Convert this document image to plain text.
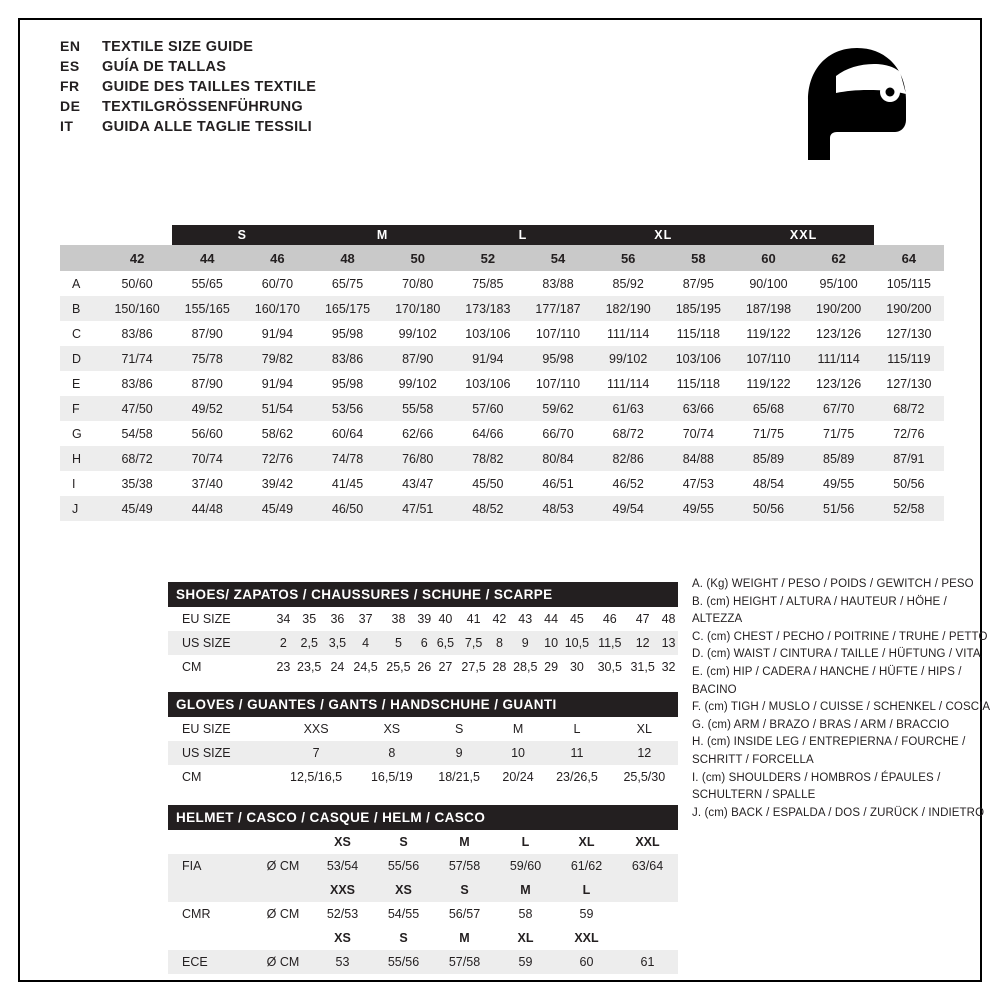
EN	TEXTILE SIZE GUIDE
ES	GUÍA DE TALLAS
FR	GUIDE DES TAILLES TEXTILE
DE	TEXTILGRÖSSENFÜHRUNG
IT	GUIDA ALLE TAGLIE TESSILI
		S		M		L		XL		XXL		
	42	44	46	48	50	52	54	56	58	60	62	64
A	50/60	55/65	60/70	65/75	70/80	75/85	83/88	85/92	87/95	90/100	95/100	105/115
B	150/160	155/165	160/170	165/175	170/180	173/183	177/187	182/190	185/195	187/198	190/200	190/200
C	83/86	87/90	91/94	95/98	99/102	103/106	107/110	111/114	115/118	119/122	123/126	127/130
D	71/74	75/78	79/82	83/86	87/90	91/94	95/98	99/102	103/106	107/110	111/114	115/119
E	83/86	87/90	91/94	95/98	99/102	103/106	107/110	111/114	115/118	119/122	123/126	127/130
F	47/50	49/52	51/54	53/56	55/58	57/60	59/62	61/63	63/66	65/68	67/70	68/72
G	54/58	56/60	58/62	60/64	62/66	64/66	66/70	68/72	70/74	71/75	71/75	72/76
H	68/72	70/74	72/76	74/78	76/80	78/82	80/84	82/86	84/88	85/89	85/89	87/91
I	35/38	37/40	39/42	41/45	43/47	45/50	46/51	46/52	47/53	48/54	49/55	50/56
J	45/49	44/48	45/49	46/50	47/51	48/52	48/53	49/54	49/55	50/56	51/56	52/58
SHOES/ ZAPATOS / CHAUSSURES / SCHUHE / SCARPE
EU SIZE	34	35	36	37	38	39	40	41	42	43	44	45	46	47	48
US SIZE	2	2,5	3,5	4	5	6	6,5	7,5	8	9	10	10,5	11,5	12	13
CM	23	23,5	24	24,5	25,5	26	27	27,5	28	28,5	29	30	30,5	31,5	32
GLOVES / GUANTES / GANTS / HANDSCHUHE / GUANTI
EU SIZE	XXS	XS	S	M	L	XL
US SIZE	7	8	9	10	11	12
CM	12,5/16,5	16,5/19	18/21,5	20/24	23/26,5	25,5/30
HELMET / CASCO / CASQUE / HELM / CASCO
		XS	S	M	L	XL	XXL
FIA	Ø CM	53/54	55/56	57/58	59/60	61/62	63/64
		XXS	XS	S	M	L	
CMR	Ø CM	52/53	54/55	56/57	58	59	
		XS	S	M	XL	XXL	
ECE	Ø CM	53	55/56	57/58	59	60	61
A. (Kg) WEIGHT / PESO / POIDS / GEWITCH / PESO
B. (cm) HEIGHT / ALTURA / HAUTEUR / HÖHE / ALTEZZA
C. (cm) CHEST / PECHO / POITRINE / TRUHE / PETTO
D. (cm) WAIST / CINTURA / TAILLE / HÜFTUNG / VITA
E. (cm) HIP / CADERA / HANCHE / HÜFTE / HIPS / BACINO
F. (cm) TIGH / MUSLO / CUISSE / SCHENKEL / COSCIA
G. (cm) ARM / BRAZO / BRAS / ARM / BRACCIO
H. (cm) INSIDE LEG / ENTREPIERNA / FOURCHE /
SCHRITT / FORCELLA
I. (cm) SHOULDERS / HOMBROS / ÉPAULES /
SCHULTERN / SPALLE
J. (cm) BACK / ESPALDA / DOS / ZURÜCK / INDIETRO
